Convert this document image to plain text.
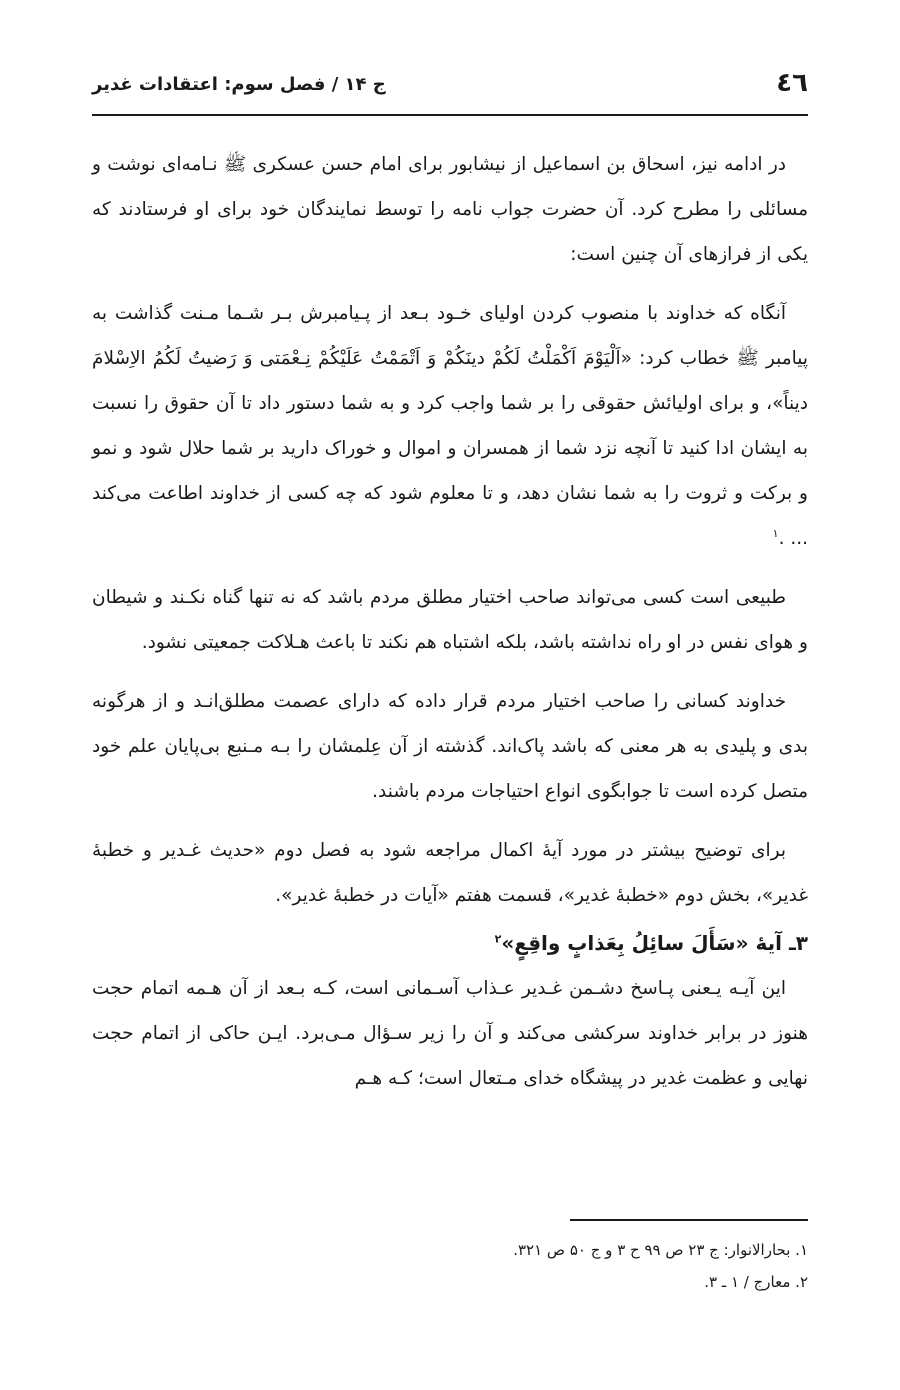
٤٦
ج ۱۴ / فصل سوم: اعتقادات غدیر

در ادامه نیز، اسحاق بن اسماعیل از نیشابور برای امام حسن عسکری ﷺ نـامه‌ای نوشت و مسائلی را مطرح کرد. آن حضرت جواب نامه را توسط نمایندگان خود برای او فرستادند که یکی از فرازهای آن چنین است:

آنگاه که خداوند با منصوب کردن اولیای خـود بـعد از پـیامبرش بـر شـما مـنت گذاشت به پیامبر ﷺ خطاب کرد: «اَلْیَوْمَ اَکْمَلْتُ لَکُمْ دینَکُمْ وَ اَتْمَمْتُ عَلَیْکُمْ نِـعْمَتی وَ رَضیتُ لَکُمُ الاِسْلامَ دیناً»، و برای اولیائش حقوقی را بر شما واجب کرد و به شما دستور داد تا آن حقوق را نسبت به ایشان ادا کنید تا آنچه نزد شما از همسران و اموال و خوراک دارید بر شما حلال شود و نمو و برکت و ثروت را به شما نشان دهد، و تا معلوم شود که چه کسی از خداوند اطاعت می‌کند ... .$^۱$

طبیعی است کسی می‌تواند صاحب اختیار مطلق مردم باشد که نه تنها گناه نکـند و شیطان و هوای نفس در او راه نداشته باشد، بلکه اشتباه هم نکند تا باعث هـلاکت جمعیتی نشود.

خداوند کسانی را صاحب اختیار مردم قرار داده که دارای عصمت مطلق‌انـد و از هرگونه بدی و پلیدی به هر معنی که باشد پاک‌اند. گذشته از آن عِلمشان را بـه مـنبع بی‌پایان علم خود متصل کرده است تا جوابگوی انواع احتیاجات مردم باشند.

برای توضیح بیشتر در مورد آیهٔ اکمال مراجعه شود به فصل دوم «حدیث غـدیر و خطبهٔ غدیر»، بخش دوم «خطبهٔ غدیر»، قسمت هفتم «آیات در خطبهٔ غدیر».

۳ـ آیهٔ «سَأَلَ سائِلُ بِعَذابٍ واقِعٍ»$^۲$

این آیـه یـعنی پـاسخ دشـمن غـدیر عـذاب آسـمانی است، کـه بـعد از آن هـمه اتمام حجت هنوز در برابر خداوند سرکشی می‌کند و آن را زیر سـؤال مـی‌برد. ایـن حاکی از اتمام حجت نهایی و عظمت غدیر در پیشگاه خدای مـتعال است؛ کـه هـم

۱. بحارالانوار: ج ۲۳ ص ۹۹ ح ۳ و ج ۵۰ ص ۳۲۱.

۲. معارج / ۱ ـ ۳.
